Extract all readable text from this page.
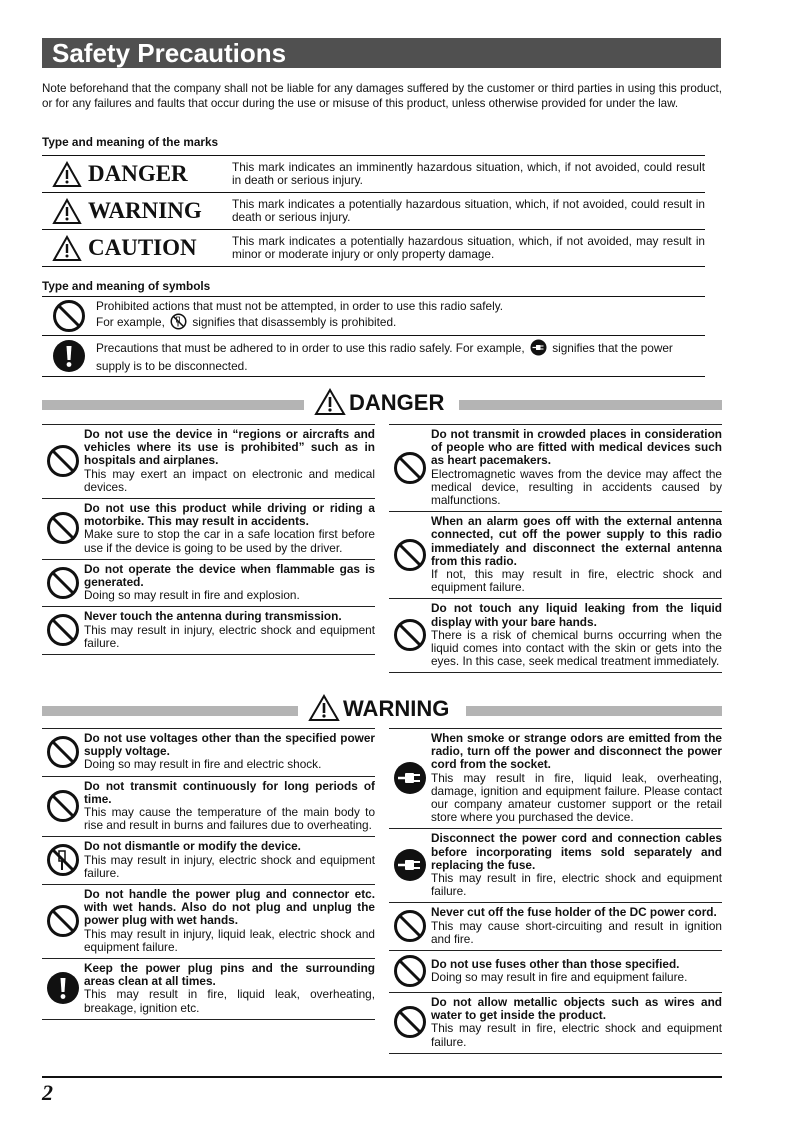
Safety Precautions
Note beforehand that the company shall not be liable for any damages suffered by the customer or third parties in using this product, or for any failures and faults that occur during the use or misuse of this product, unless otherwise provided for under the law.
Type and meaning of the marks
DANGER	This mark indicates an imminently hazardous situation, which, if not avoided, could result in death or serious injury.
WARNING	This mark indicates a potentially hazardous situation, which, if not avoided, could result in death or serious injury.
CAUTION	This mark indicates a potentially hazardous situation, which, if not avoided, may result in minor or moderate injury or only property damage.
Type and meaning of symbols
Prohibited actions that must not be attempted, in order to use this radio safely.
For example, signifies that disassembly is prohibited.
Precautions that must be adhered to in order to use this radio safely. For example, signifies that the power supply is to be disconnected.
DANGER
Do not use the device in “regions or aircrafts and vehicles where its use is prohibited” such as in hospitals and airplanes.
This may exert an impact on electronic and medical devices.
Do not use this product while driving or riding a motorbike. This may result in accidents.
Make sure to stop the car in a safe location first before use if the device is going to be used by the driver.
Do not operate the device when flammable gas is generated.
Doing so may result in fire and explosion.
Never touch the antenna during transmission.
This may result in injury, electric shock and equipment failure.
Do not transmit in crowded places in consideration of people who are fitted with medical devices such as heart pacemakers.
Electromagnetic waves from the device may affect the medical device, resulting in accidents caused by malfunctions.
When an alarm goes off with the external antenna connected, cut off the power supply to this radio immediately and disconnect the external antenna from this radio.
If not, this may result in fire, electric shock and equipment failure.
Do not touch any liquid leaking from the liquid display with your bare hands.
There is a risk of chemical burns occurring when the liquid comes into contact with the skin or gets into the eyes. In this case, seek medical treatment immediately.
WARNING
Do not use voltages other than the specified power supply voltage.
Doing so may result in fire and electric shock.
Do not transmit continuously for long periods of time.
This may cause the temperature of the main body to rise and result in burns and failures due to overheating.
Do not dismantle or modify the device.
This may result in injury, electric shock and equipment failure.
Do not handle the power plug and connector etc. with wet hands. Also do not plug and unplug the power plug with wet hands.
This may result in injury, liquid leak, electric shock and equipment failure.
Keep the power plug pins and the surrounding areas clean at all times.
This may result in fire, liquid leak, overheating, breakage, ignition etc.
When smoke or strange odors are emitted from the radio, turn off the power and disconnect the power cord from the socket.
This may result in fire, liquid leak, overheating, damage, ignition and equipment failure. Please contact our company amateur customer support or the retail store where you purchased the device.
Disconnect the power cord and connection cables before incorporating items sold separately and replacing the fuse.
This may result in fire, electric shock and equipment failure.
Never cut off the fuse holder of the DC power cord.
This may cause short-circuiting and result in ignition and fire.
Do not use fuses other than those specified.
Doing so may result in fire and equipment failure.
Do not allow metallic objects such as wires and water to get inside the product.
This may result in fire, electric shock and equipment failure.
2
